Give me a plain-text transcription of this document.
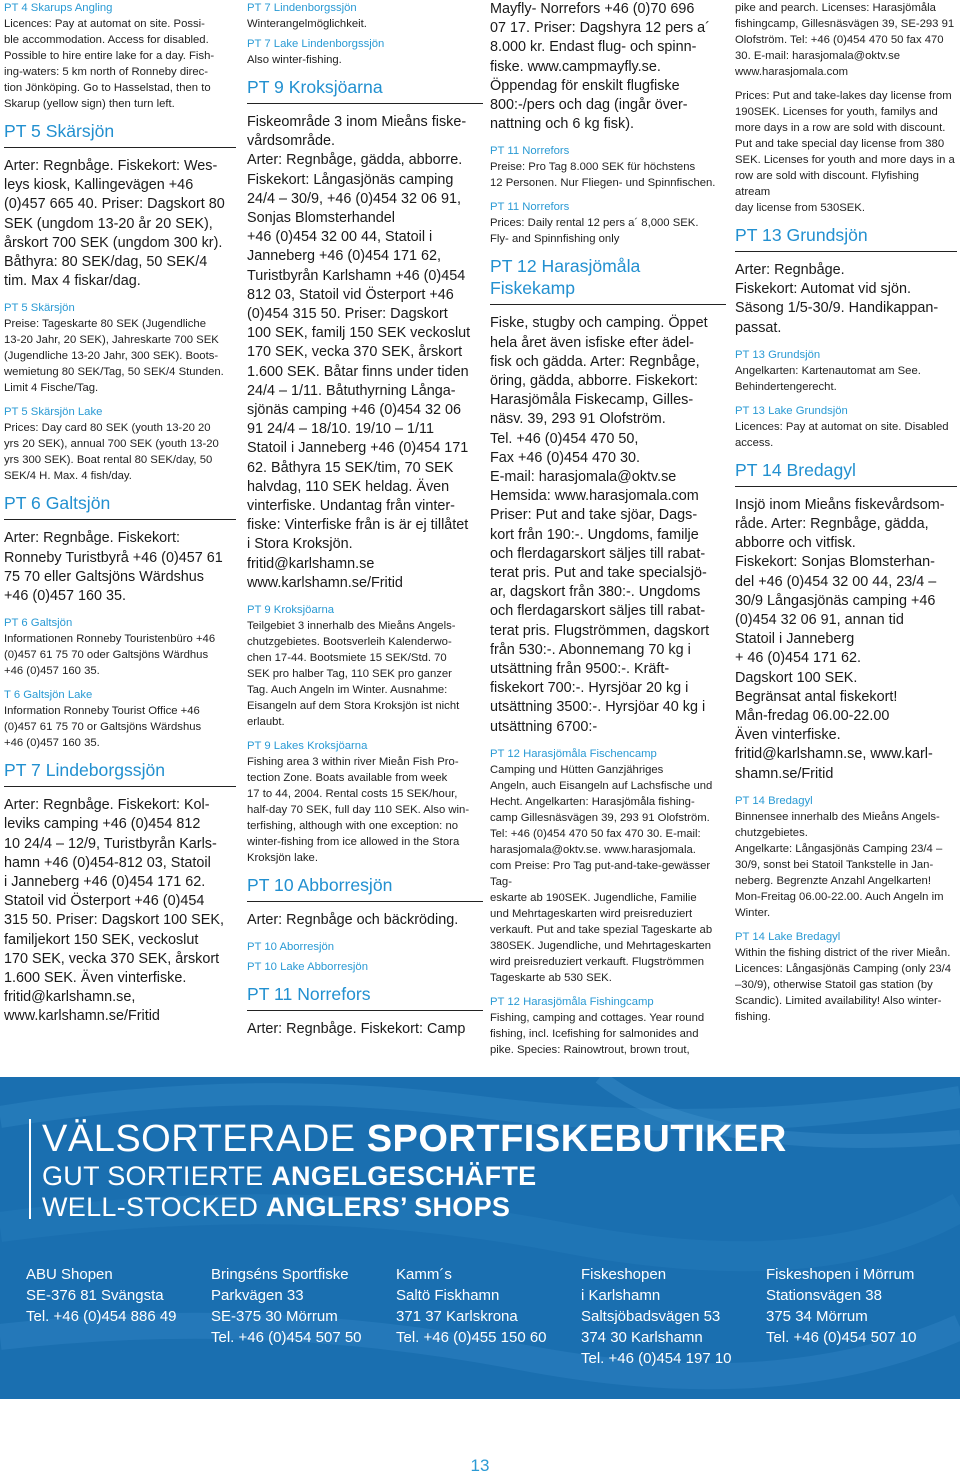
PT 4 Skarups Angling
Licences: Pay at automat on site. Possi-
ble accommodation. Access for disabled.
Possible to hire entire lake for a day. Fish-
ing-waters: 5 km north of Ronneby direc-
tion Jönköping. Go to Hasselstad, then to
Skarup (yellow sign) then turn left.
PT 5 Skärsjön
Arter: Regnbåge. Fiskekort: Wes-
leys kiosk, Kallingevägen +46
(0)457 665 40. Priser: Dagskort 80
SEK (ungdom 13-20 år 20 SEK),
årskort 700 SEK (ungdom 300 kr).
Båthyra: 80 SEK/dag, 50 SEK/4
tim. Max 4 fiskar/dag.
PT 5 Skärsjön
Preise: Tageskarte 80 SEK (Jugendliche
13-20 Jahr, 20 SEK), Jahreskarte 700 SEK
(Jugendliche 13-20 Jahr, 300 SEK). Boots-
wemietung 80 SEK/Tag, 50 SEK/4 Stunden.
Limit 4 Fische/Tag.
PT 5 Skärsjön Lake
Prices: Day card 80 SEK (youth 13-20 20
yrs 20 SEK), annual 700 SEK (youth 13-20
yrs 300 SEK). Boat rental 80 SEK/day, 50
SEK/4 H. Max. 4 fish/day.
PT 6 Galtsjön
Arter: Regnbåge. Fiskekort:
Ronneby Turistbyrå +46 (0)457 61
75 70 eller Galtsjöns Wärdshus
+46 (0)457 160 35.
PT 6 Galtsjön
Informationen Ronneby Touristenbüro +46
(0)457 61 75 70 oder Galtsjöns Wärdhus
+46 (0)457 160 35.
T 6 Galtsjön Lake
Information Ronneby Tourist Office +46
(0)457 61 75 70 or Galtsjöns Wärdshus
+46 (0)457 160 35.
PT 7 Lindeborgssjön
Arter: Regnbåge. Fiskekort: Kol-
leviks camping +46 (0)454 812
10 24/4 – 12/9, Turistbyrån Karls-
hamn +46 (0)454-812 03, Statoil
i Janneberg +46 (0)454 171 62.
Statoil vid Österport +46 (0)454
315 50. Priser: Dagskort 100 SEK,
familjekort 150 SEK, veckoslut
170 SEK, vecka 370 SEK, årskort
1.600 SEK. Även vinterfiske.
fritid@karlshamn.se,
www.karlshamn.se/Fritid
PT 7 Lindenborgssjön
Winterangelmöglichkeit.
PT 7 Lake Lindenborgssjön
Also winter-fishing.
PT 9 Kroksjöarna
Fiskeområde 3 inom Mieåns fiske-
vårdsområde.
Arter: Regnbåge, gädda, abborre.
Fiskekort: Långasjönäs camping
24/4 – 30/9, +46 (0)454 32 06 91,
Sonjas Blomsterhandel
+46 (0)454 32 00 44, Statoil i
Janneberg +46 (0)454 171 62,
Turistbyrån Karlshamn +46 (0)454
812 03, Statoil vid Österport +46
(0)454 315 50. Priser: Dagskort
100 SEK, familj 150 SEK veckoslut
170 SEK, vecka 370 SEK, årskort
1.600 SEK. Båtar finns under tiden
24/4 – 1/11. Båtuthyrning Långa-
sjönäs camping +46 (0)454 32 06
91 24/4 – 18/10. 19/10 – 1/11
Statoil i Janneberg +46 (0)454 171
62. Båthyra 15 SEK/tim, 70 SEK
halvdag, 110 SEK heldag. Även
vinterfiske. Undantag från vinter-
fiske: Vinterfiske från is är ej tillåtet
i Stora Kroksjön.
fritid@karlshamn.se
www.karlshamn.se/Fritid
PT 9 Kroksjöarna
Teilgebiet 3 innerhalb des Mieåns Angels-
chutzgebietes. Bootsverleih Kalenderwo-
chen 17-44. Bootsmiete 15 SEK/Std. 70
SEK pro halber Tag, 110 SEK pro ganzer
Tag. Auch Angeln im Winter. Ausnahme:
Eisangeln auf dem Stora Kroksjön ist nicht
erlaubt.
PT 9 Lakes Kroksjöarna
Fishing area 3 within river Mieån Fish Pro-
tection Zone. Boats available from week
17 to 44, 2004. Rental costs 15 SEK/hour,
half-day 70 SEK, full day 110 SEK. Also win-
terfishing, although with one exception: no
winter-fishing from ice allowed in the Stora
Kroksjön lake.
PT 10 Abborresjön
Arter: Regnbåge och bäckröding.
PT 10 Aborresjön
PT 10 Lake Abborresjön
PT 11 Norrefors
Arter: Regnbåge. Fiskekort: Camp
Mayfly- Norrefors +46 (0)70 696
07 17. Priser: Dagshyra 12 pers a´
8.000 kr. Endast flug- och spinn-
fiske. www.campmayfly.se.
Öppendag för enskilt flugfiske
800:-/pers och dag (ingår över-
nattning och 6 kg fisk).
PT 11 Norrefors
Preise: Pro Tag 8.000 SEK für höchstens
12 Personen. Nur Fliegen- und Spinnfischen.
PT 11 Norrefors
Prices: Daily rental 12 pers a´ 8,000 SEK.
Fly- and Spinnfishing only
PT 12 Harasjömåla
Fiskekamp
Fiske, stugby och camping. Öppet
hela året även isfiske efter ädel-
fisk och gädda. Arter: Regnbåge,
öring, gädda, abborre. Fiskekort:
Harasjömåla Fiskecamp, Gilles-
näsv. 39, 293 91 Olofström.
Tel. +46 (0)454 470 50,
Fax +46 (0)454 470 30.
E-mail: harasjomala@oktv.se
Hemsida: www.harasjomala.com
Priser: Put and take sjöar, Dags-
kort från 190:-. Ungdoms, familje
och flerdagarskort säljes till rabat-
terat pris. Put and take specialsjö-
ar, dagskort från 380:-. Ungdoms
och flerdagarskort säljes till rabat-
terat pris. Flugströmmen, dagskort
från 530:-. Abonnemang 70 kg i
utsättning från 9500:-. Kräft-
fiskekort 700:-. Hyrsjöar 20 kg i
utsättning 3500:-. Hyrsjöar 40 kg i
utsättning 6700:-
PT 12 Harasjömåla Fischencamp
Camping und Hütten Ganzjähriges
Angeln, auch Eisangeln auf Lachsfische und
Hecht. Angelkarten: Harasjömåla fishing-
camp Gillesnäsvägen 39, 293 91 Olofström.
Tel: +46 (0)454 470 50 fax 470 30. E-mail:
harasjomala@oktv.se. www.harasjomala.
com Preise: Pro Tag put-and-take-gewässer Tag-
eskarte ab 190SEK. Jugendliche, Familie
und Mehrtageskarten wird preisreduziert
verkauft. Put and take spezial Tageskarte ab
380SEK. Jugendliche, und Mehrtageskarten
wird preisreduziert verkauft. Flugströmmen
Tageskarte ab 530 SEK.
PT 12 Harasjömåla Fishingcamp
Fishing, camping and cottages. Year round
fishing, incl. Icefishing for salmonides and
pike. Species: Rainowtrout, brown trout,
pike and pearch. Licenses: Harasjömåla
fishingcamp, Gillesnäsvägen 39, SE-293 91
Olofström. Tel: +46 (0)454 470 50 fax 470
30. E-mail: harasjomala@oktv.se
www.harasjomala.com
Prices: Put and take-lakes day license from
190SEK. Licenses for youth, familys and
more days in a row are sold with discount.
Put and take special day license from 380
SEK. Licenses for youth and more days in a
row are sold with discount. Flyfishing atream
day license from 530SEK.
PT 13 Grundsjön
Arter: Regnbåge.
Fiskekort: Automat vid sjön.
Säsong 1/5-30/9. Handikappan-
passat.
PT 13 Grundsjön
Angelkarten: Kartenautomat am See.
Behindertengerecht.
PT 13 Lake Grundsjön
Licences: Pay at automat on site. Disabled
access.
PT 14 Bredagyl
Insjö inom Mieåns fiskevårdsom-
råde. Arter: Regnbåge, gädda,
abborre och vitfisk.
Fiskekort: Sonjas Blomsterhan-
del +46 (0)454 32 00 44, 23/4 –
30/9 Långasjönäs camping +46
(0)454 32 06 91, annan tid
Statoil i Janneberg
+ 46 (0)454 171 62.
Dagskort 100 SEK.
Begränsat antal fiskekort!
Mån-fredag 06.00-22.00
Även vinterfiske.
fritid@karlshamn.se, www.karl-
shamn.se/Fritid
PT 14 Bredagyl
Binnensee innerhalb des Mieåns Angels-
chutzgebietes.
Angelkarte: Långasjönäs Camping 23/4 –
30/9, sonst bei Statoil Tankstelle in Jan-
neberg. Begrenzte Anzahl Angelkarten!
Mon-Freitag 06.00-22.00. Auch Angeln im
Winter.
PT 14 Lake Bredagyl
Within the fishing district of the river Mieån.
Licences: Långasjönäs Camping (only 23/4
–30/9), otherwise Statoil gas station (by
Scandic). Limited availability! Also winter-
fishing.
VÄLSORTERADE SPORTFISKEBUTIKER
GUT SORTIERTE ANGELGESCHÄFTE
WELL-STOCKED ANGLERS’ SHOPS
ABU Shopen
SE-376 81 Svängsta
Tel. +46 (0)454 886 49
Bringséns Sportfiske
Parkvägen 33
SE-375 30 Mörrum
Tel. +46 (0)454 507 50
Kamm´s
Saltö Fiskhamn
371 37 Karlskrona
Tel. +46 (0)455 150 60
Fiskeshopen
i Karlshamn
Saltsjöbadsvägen 53
374 30 Karlshamn
Tel. +46 (0)454 197 10
Fiskeshopen i Mörrum
Stationsvägen 38
375 34 Mörrum
Tel. +46 (0)454 507 10
13
